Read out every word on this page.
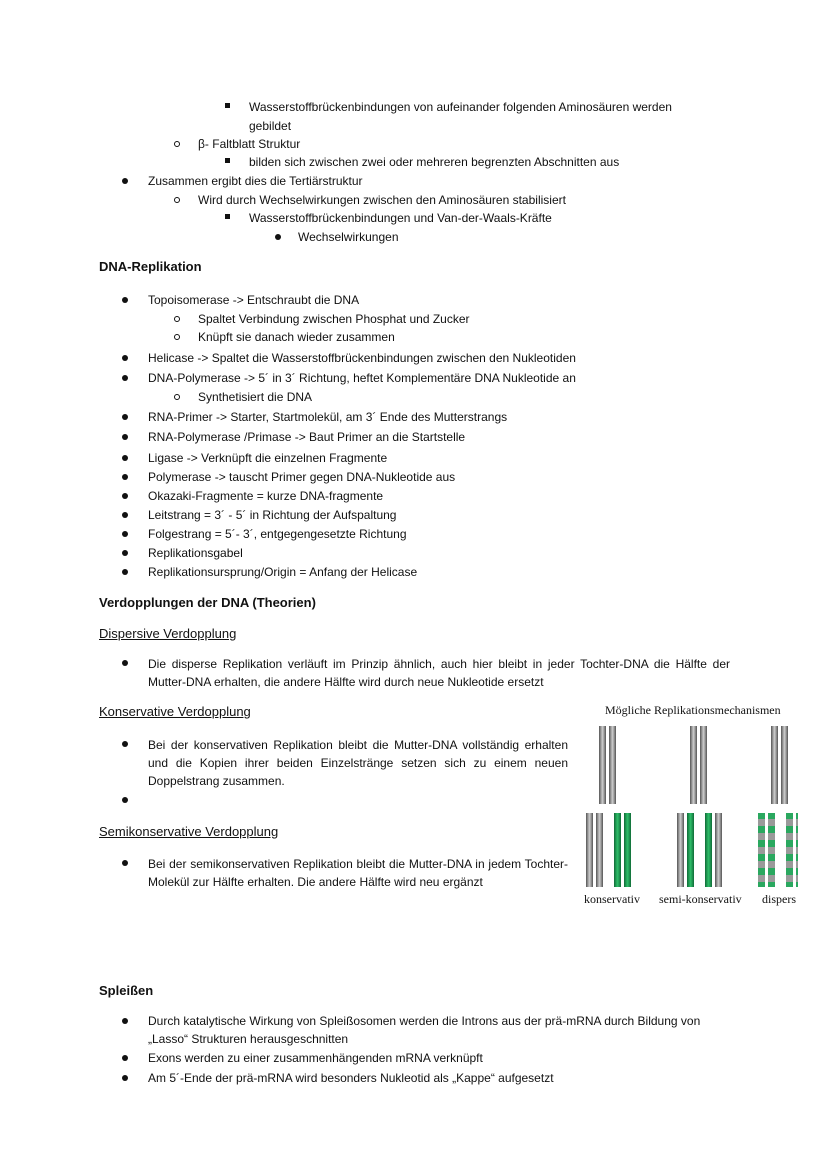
Wasserstoffbrückenbindungen von aufeinander folgenden Aminosäuren werden
gebildet
β- Faltblatt Struktur
bilden sich zwischen zwei oder mehreren begrenzten Abschnitten aus
Zusammen ergibt dies die Tertiärstruktur
Wird durch Wechselwirkungen zwischen den Aminosäuren stabilisiert
Wasserstoffbrückenbindungen und Van-der-Waals-Kräfte
Wechselwirkungen
DNA-Replikation
Topoisomerase -> Entschraubt die DNA
Spaltet Verbindung zwischen Phosphat und Zucker
Knüpft sie danach wieder zusammen
Helicase -> Spaltet die Wasserstoffbrückenbindungen zwischen den Nukleotiden
DNA-Polymerase -> 5´ in 3´ Richtung, heftet Komplementäre DNA Nukleotide an
Synthetisiert die DNA
RNA-Primer -> Starter, Startmolekül, am 3´ Ende des Mutterstrangs
RNA-Polymerase /Primase -> Baut Primer an die Startstelle
Ligase -> Verknüpft die einzelnen Fragmente
Polymerase -> tauscht Primer gegen DNA-Nukleotide aus
Okazaki-Fragmente = kurze DNA-fragmente
Leitstrang = 3´ - 5´ in Richtung der Aufspaltung
Folgestrang = 5´- 3´, entgegengesetzte Richtung
Replikationsgabel
Replikationsursprung/Origin = Anfang der Helicase
Verdopplungen der DNA (Theorien)
Dispersive Verdopplung
Die disperse Replikation verläuft im Prinzip ähnlich, auch hier bleibt in jeder Tochter-DNA die Hälfte der Mutter-DNA erhalten, die andere Hälfte wird durch neue Nukleotide ersetzt
Konservative Verdopplung
Bei der konservativen Replikation bleibt die Mutter-DNA vollständig erhalten und die Kopien ihrer beiden Einzelstränge setzen sich zu einem neuen Doppelstrang zusammen.
Semikonservative Verdopplung
Bei der semikonservativen Replikation bleibt die Mutter-DNA in jedem Tochter-Molekül zur Hälfte erhalten. Die andere Hälfte wird neu ergänzt
Mögliche Replikationsmechanismen
konservativ semi-konservativ dispers
Spleißen
Durch katalytische Wirkung von Spleißosomen werden die Introns aus der prä-mRNA durch Bildung von
„Lasso“ Strukturen herausgeschnitten
Exons werden zu einer zusammenhängenden mRNA verknüpft
Am 5´-Ende der prä-mRNA wird besonders Nukleotid als „Kappe“ aufgesetzt
